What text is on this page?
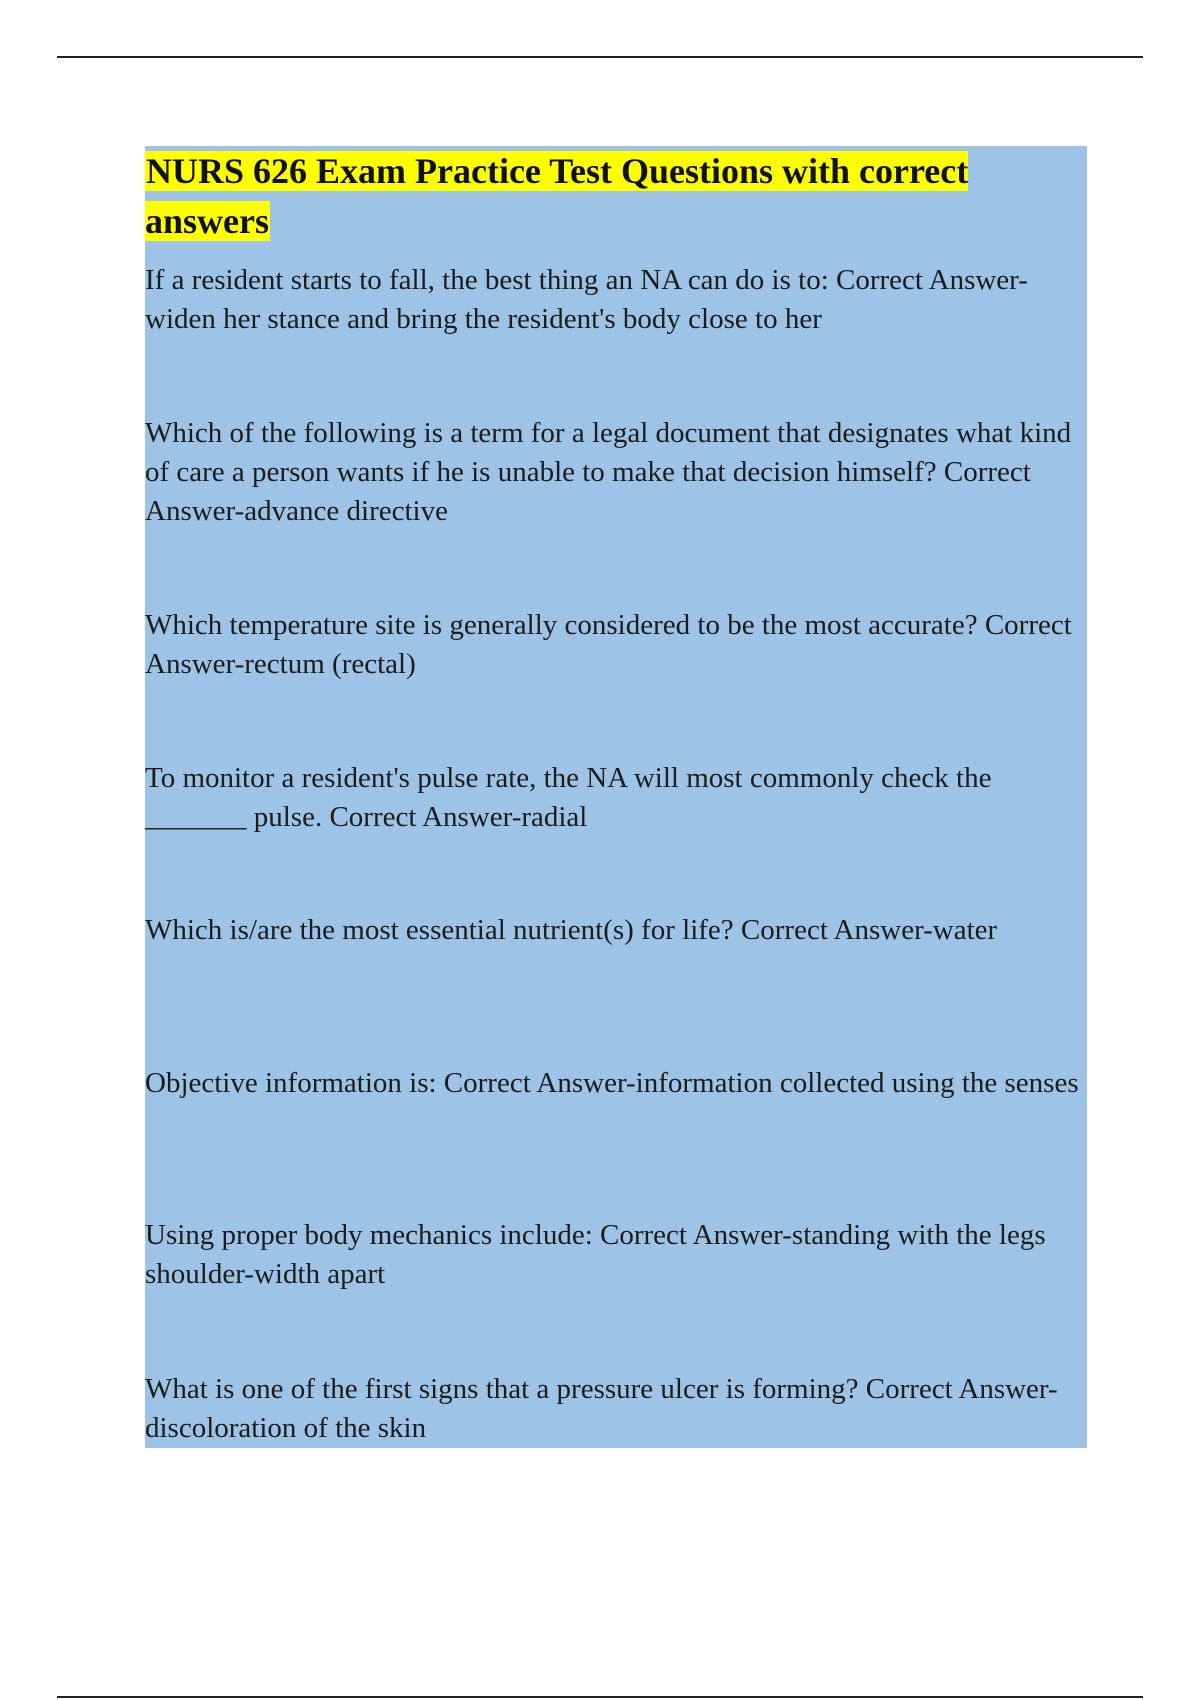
NURS 626 Exam Practice Test Questions with correct answers
If a resident starts to fall, the best thing an NA can do is to: Correct Answer-widen her stance and bring the resident's body close to her
Which of the following is a term for a legal document that designates what kind of care a person wants if he is unable to make that decision himself? Correct Answer-advance directive
Which temperature site is generally considered to be the most accurate? Correct Answer-rectum (rectal)
To monitor a resident's pulse rate, the NA will most commonly check the _______ pulse. Correct Answer-radial
Which is/are the most essential nutrient(s) for life? Correct Answer-water
Objective information is: Correct Answer-information collected using the senses
Using proper body mechanics include: Correct Answer-standing with the legs shoulder-width apart
What is one of the first signs that a pressure ulcer is forming? Correct Answer-discoloration of the skin
